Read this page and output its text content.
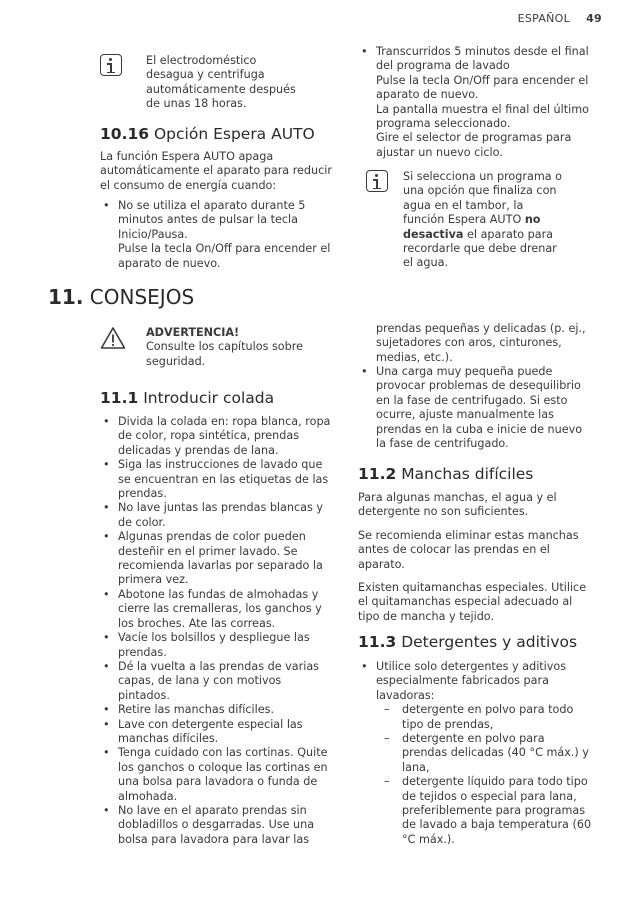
ESPAÑOL 49
El electrodoméstico
desagua y centrifuga
automáticamente después
de unas 18 horas.
10.16 Opción Espera AUTO
La función Espera AUTO apaga
automáticamente el aparato para reducir
el consumo de energía cuando:
• No se utiliza el aparato durante 5
minutos antes de pulsar la tecla
Inicio/Pausa.
Pulse la tecla On/Off para encender el
aparato de nuevo.
• Transcurridos 5 minutos desde el final
del programa de lavado
Pulse la tecla On/Off para encender el
aparato de nuevo.
La pantalla muestra el final del último
programa seleccionado.
Gire el selector de programas para
ajustar un nuevo ciclo.
Si selecciona un programa o
una opción que finaliza con
agua en el tambor, la
función Espera AUTO no
desactiva el aparato para
recordarle que debe drenar
el agua.
11. CONSEJOS
ADVERTENCIA!
Consulte los capítulos sobre
seguridad.
11.1 Introducir colada
• Divida la colada en: ropa blanca, ropa
de color, ropa sintética, prendas
delicadas y prendas de lana.
• Siga las instrucciones de lavado que
se encuentran en las etiquetas de las
prendas.
• No lave juntas las prendas blancas y
de color.
• Algunas prendas de color pueden
desteñir en el primer lavado. Se
recomienda lavarlas por separado la
primera vez.
• Abotone las fundas de almohadas y
cierre las cremalleras, los ganchos y
los broches. Ate las correas.
• Vacíe los bolsillos y despliegue las
prendas.
• Dé la vuelta a las prendas de varias
capas, de lana y con motivos
pintados.
• Retire las manchas difíciles.
• Lave con detergente especial las
manchas difíciles.
• Tenga cuidado con las cortinas. Quite
los ganchos o coloque las cortinas en
una bolsa para lavadora o funda de
almohada.
• No lave en el aparato prendas sin
dobladillos o desgarradas. Use una
bolsa para lavadora para lavar las
prendas pequeñas y delicadas (p. ej.,
sujetadores con aros, cinturones,
medias, etc.).
• Una carga muy pequeña puede
provocar problemas de desequilibrio
en la fase de centrifugado. Si esto
ocurre, ajuste manualmente las
prendas en la cuba e inicie de nuevo
la fase de centrifugado.
11.2 Manchas difíciles

Para algunas manchas, el agua y el
detergente no son suficientes.

Se recomienda eliminar estas manchas
antes de colocar las prendas en el
aparato.

Existen quitamanchas especiales. Utilice
el quitamanchas especial adecuado al
tipo de mancha y tejido.

11.3 Detergentes y aditivos
• Utilice solo detergentes y aditivos
especialmente fabricados para
lavadoras:
– detergente en polvo para todo
tipo de prendas,
– detergente en polvo para
prendas delicadas (40 °C máx.) y
lana,
– detergente líquido para todo tipo
de tejidos o especial para lana,
preferiblemente para programas
de lavado a baja temperatura (60
°C máx.).
